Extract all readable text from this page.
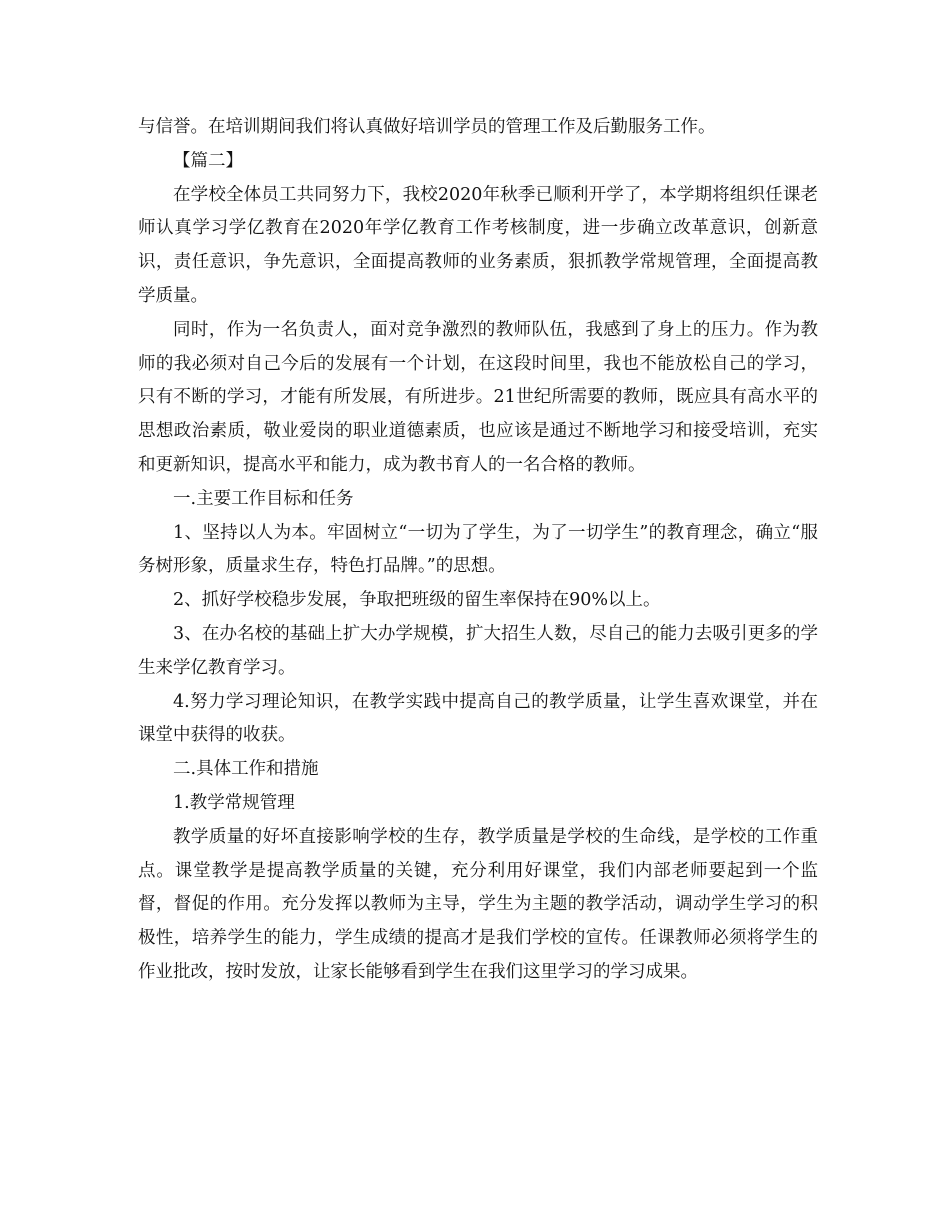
与信誉。在培训期间我们将认真做好培训学员的管理工作及后勤服务工作。

【篇二】

在学校全体员工共同努力下，我校2020年秋季已顺利开学了，本学期将组织任课老师认真学习学亿教育在2020年学亿教育工作考核制度，进一步确立改革意识，创新意识，责任意识，争先意识，全面提高教师的业务素质，狠抓教学常规管理，全面提高教学质量。

同时，作为一名负责人，面对竞争激烈的教师队伍，我感到了身上的压力。作为教师的我必须对自己今后的发展有一个计划，在这段时间里，我也不能放松自己的学习，只有不断的学习，才能有所发展，有所进步。21世纪所需要的教师，既应具有高水平的思想政治素质，敬业爱岗的职业道德素质，也应该是通过不断地学习和接受培训，充实和更新知识，提高水平和能力，成为教书育人的一名合格的教师。

一.主要工作目标和任务

1、坚持以人为本。牢固树立“一切为了学生，为了一切学生”的教育理念，确立“服务树形象，质量求生存，特色打品牌。”的思想。

2、抓好学校稳步发展，争取把班级的留生率保持在90%以上。

3、在办名校的基础上扩大办学规模，扩大招生人数，尽自己的能力去吸引更多的学生来学亿教育学习。

4.努力学习理论知识，在教学实践中提高自己的教学质量，让学生喜欢课堂，并在课堂中获得的收获。

二.具体工作和措施

1.教学常规管理

教学质量的好坏直接影响学校的生存，教学质量是学校的生命线，是学校的工作重点。课堂教学是提高教学质量的关键，充分利用好课堂，我们内部老师要起到一个监督，督促的作用。充分发挥以教师为主导，学生为主题的教学活动，调动学生学习的积极性，培养学生的能力，学生成绩的提高才是我们学校的宣传。任课教师必须将学生的作业批改，按时发放，让家长能够看到学生在我们这里学习的学习成果。
